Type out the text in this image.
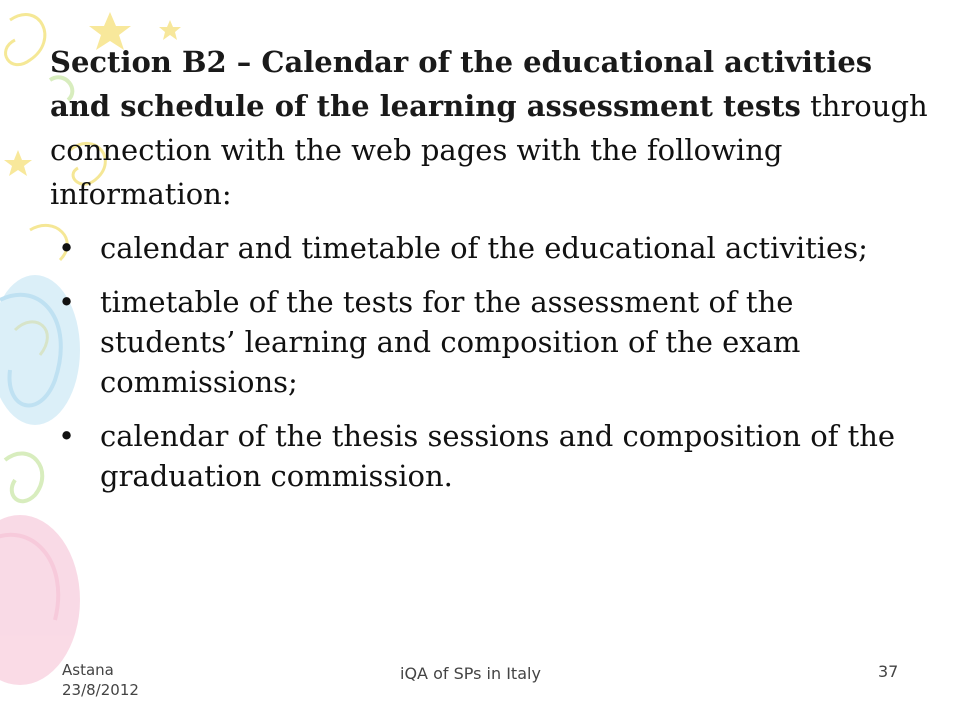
Section B2 – Calendar of the educational activities and schedule of the learning assessment tests through connection with the web pages with the following information:

• calendar and timetable of the educational activities;
• timetable of the tests for the assessment of the students’ learning and composition of the exam commissions;
• calendar of the thesis sessions and composition of the graduation commission.
Astana
23/8/2012
iQA of SPs in Italy	37
